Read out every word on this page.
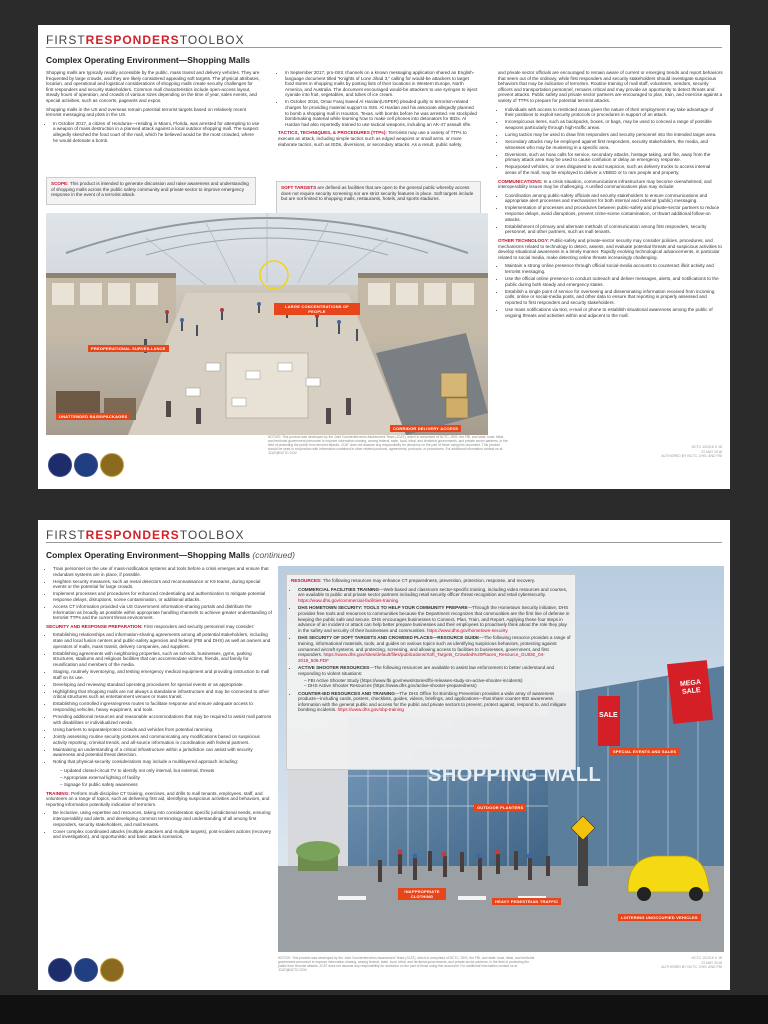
FIRSTRESPONDERSTOOLBOX
Complex Operating Environment—Shopping Malls

Shopping malls are typically readily accessible by the public, mass transit and delivery vehicles. They are frequented by large crowds, and they are likely considered appealing soft targets. The physical attributes, location, and operational and logistical considerations of shopping malls create security challenges for first responders and security stakeholders. Common mall characteristics include open-access layout, steady hours of operation, and crowds of various sizes depending on the time of year, sales events, and special activities, such as concerts, pageants and expos.

Shopping malls in the US and overseas remain potential terrorist targets based on relatively recent terrorist messaging and plots in the US.

• In October 2017, a citizen of Honduras—residing in Miami, Florida, was arrested for attempting to use a weapon of mass destruction in a planned attack against a local outdoor shopping mall. The suspect allegedly sketched the food court of the mall, which he believed would be the most crowded, where he would detonate a bomb.
• In September 2017, pro-ISIS channels on a known messaging application shared an English-language document titled “Knights of Lone Jihad 3,” calling for would-be attackers to target food stores in shopping malls by posting lists of their locations in Western Europe, North America, and Australia. The document encouraged would-be attackers to use syringes to inject cyanide into fruit, vegetables, and tubes of ice cream.
• In October 2016, Omar Faraj Saeed Al Hardan(USPER) pleaded guilty to terrorism-related charges for providing material support to ISIS. Al Hardan and his associate allegedly planned to bomb a shopping mall in Houston, Texas, with bombs before he was arrested. He stockpiled bombmaking material while learning how to make cell phones into detonators for IEDs. Al Hardan had also reportedly trained to use tactical weapons, including an AK-47 assault rifle.

TACTICS, TECHNIQUES, & PROCEDURES (TTPs): Terrorists may use a variety of TTPs to execute an attack, including simple tactics such as edged weapons or small arms, or more elaborate tactics, such as IEDs, diversions, or secondary attacks. As a result, public safety

SCOPE: This product is intended to generate discussion and raise awareness and understanding of shopping malls across the public safety community and private sector to improve emergency response in the event of a terrorist attack.
SOFT TARGETS are defined as facilities that are open to the general public whereby access does not require security screening nor are strict security features in place. Soft targets include but are not limited to shopping malls, restaurants, hotels, and sports stadiums.

and private sector officials are encouraged to remain aware of current or emerging trends and report behaviors that seem out of the ordinary, while first responders and security stakeholders should investigate suspicious behaviors that may be indicative of terrorism. Routine training of mall staff, volunteers, vendors, security officers and transportation personnel, remains critical and may provide an opportunity to detect threats and prevent attacks. Public safety and private sector partners are encouraged to plan, train, and exercise against a variety of TTPs to prepare for potential terrorist attacks.

• Individuals with access to restricted areas given the nature of their employment may take advantage of their positions to exploit security protocols or procedures in support of an attack.
• Inconspicuous items, such as backpacks, boxes, or bags, may be used to conceal a range of possible weapons particularly through high-traffic areas.
• Luring tactics may be used to draw first responders and security personnel into the intended target area.
• Secondary attacks may be employed against first responders, security stakeholders, the media, and witnesses who may be mustering in a specific area.
• Diversions, such as hoax calls for service, secondary attacks, hostage taking, and fire, away from the primary attack area may be used to cause confusion or delay an emergency response.
• Repurposed vehicles, or ones disguised to avoid suspicion, such as delivery trucks to access internal areas of the mall, may be employed to deliver a VBIED or to ram people and property.

COMMUNICATIONS: In a crisis situation, communications infrastructure may become overwhelmed, and interoperability issues may be challenging. A unified communications plan may include:

• Coordination among public-safety officials and security stakeholders to ensure communications and appropriate alert processes and mechanisms for both internal and external (public) messaging.
• Implementation of processes and procedures between public-safety and private-sector partners to reduce response delays, avoid disruptions, prevent crime-scene contamination, or thwart additional follow-on attacks.
• Establishment of primary and alternate methods of communication among first responders, security personnel, and other partners, such as mall tenants.

OTHER TECHNOLOGY: Public-safety and private-sector security may consider policies, procedures, and mechanisms related to technology to detect, assess, and evaluate potential threats and suspicious activities to develop situational awareness in a timely manner. Rapidly evolving technological advancements, in particular related to social media, make detecting online threats increasingly challenging.

• Maintain a strong online presence through official social-media accounts to counteract illicit activity and terrorist messaging.
• Use the official online presence to conduct outreach and deliver messages, alerts, and notifications to the public during both steady and emergency states.
• Establish a single point of service for overseeing and disseminating information received from incoming calls, online or social-media posts, and other data to ensure that reporting is properly assessed and reported to first responders and security stakeholders.
• Use mass notifications via text, e-mail or phone to establish situational awareness among the public of ongoing threats and activities within and adjacent to the mall.
LARGE CONCENTRATIONS OF PEOPLE
PREOPERATIONAL SURVEILLANCE
UNATTENDED BAGS/PACKAGES
CORRIDOR DELIVERY ACCESS
NOTICE: This product was developed by the Joint Counterterrorism Assessment Team (JCAT), which is comprised of NCTC, DHS, the FBI, and state, local, tribal, and territorial government personnel to improve information sharing, among federal, state, local, tribal, and territorial governments, and private sector partners, in the field of protecting the public from terrorist attacks. JCAT does not assume any responsibility for decisions on the part of those using this document. This product should be used in conjunction with information contained in other related products, agreements, protocols, or procedures. For additional information contact us at JCAT@NCTC.GOV.
NCTC 101016 K 18
23 MAY 2018
AUTHORED BY NCTC, DHS, AND FBI
FIRSTRESPONDERSTOOLBOX
Complex Operating Environment—Shopping Malls (continued)
• Train personnel on the use of mass-notification systems and tools before a crisis emerges and ensure that redundant systems are in place, if possible.
• Heighten security measures, such as metal detectors and reconnaissance or K9 teams, during special events or the potential for large crowds.
• Implement processes and procedures for enhanced credentialing and authentication to mitigate potential response delays, disruptions, scene contamination, or additional attacks.
• Access CT information provided via US Government information-sharing portals and distribute the information as broadly as possible within appropriate handling channels to achieve greater understanding of terrorist TTPs and the current threat environment.

SECURITY AND RESPONSE PREPARATION: First responders and security personnel may consider:

• Establishing relationships and information-sharing agreements among all potential stakeholders, including state and local fusion centers and public-safety agencies and federal (FBI and DHS) as well as owners and operators of malls, mass transit, delivery companies, and suppliers.
• Establishing agreements with neighboring properties, such as schools, businesses, gyms, parking structures, stadiums and religious facilities that can accommodate victims, friends, and family for reunification and members of the media.
• Staging, routinely inventorying, and testing emergency medical equipment and providing instruction to mall staff on its use.
• Developing and reviewing standard operating procedures for special events or as appropriate.
• Highlighting that shopping malls are not always a standalone infrastructure and may be connected to other critical structures such as entertainment venues or mass transit.
• Establishing controlled ingress/egress routes to facilitate response and ensure adequate access to responding vehicles, heavy equipment, and tools.
• Providing additional resources and reasonable accommodations that may be required to assist mall patrons with disabilities or individualized needs.
• Using barriers to separate/protect crowds and vehicles from potential ramming.
• Jointly assessing routine security postures and communicating any modifications based on suspicious activity reporting, criminal trends, and all-source information in coordination with federal partners.
• Maintaining an understanding of a critical infrastructure within a jurisdiction can assist with security awareness and potential threat detection.
• Noting that physical-security considerations may include a multilayered approach including:
– Updated closed-circuit TV to identify not only internal, but external, threats
– Appropriate external lighting of facility
– Signage for public safety awareness

TRAINING: Perform multi-discipline CT training, exercises, and drills to mall tenants, employees, staff, and volunteers on a range of topics, such as delivering first aid, identifying suspicious activities and behaviors, and reporting information potentially indicative of terrorism.

• Be inclusive, using expertise and resources, taking into consideration specific jurisdictional needs, ensuring interoperability and alerts, and developing common terminology and understanding of all among first responders, security stakeholders, and mall tenants.
• Cover complex coordinated attacks (multiple attackers and multiple targets), post-incident actions (recovery and investigation), and opportunistic and basic attack scenarios.

RESOURCES: The following resources may enhance CT preparedness, prevention, protection, response, and recovery.

• COMMERCIAL FACILITIES TRAINING—Web-based and classroom sector-specific training, including video resources and courses, are available to public and private sector partners including retail security officer threat recognition and retail cybersecurity. https://www.dhs.gov/commercial-facilities-training
• DHS HOMETOWN SECURITY: TOOLS TO HELP YOUR COMMUNITY PREPARE—Through the Hometown Security initiative, DHS provides free tools and resources to communities because the Department recognizes that communities are the first line of defense in keeping the public safe and secure. DHS encourages businesses to Connect, Plan, Train, and Report. Applying these four steps in advance of an incident or attack can help better prepare businesses and their employees to proactively think about the role they play in the safety and security of their businesses and communities. https://www.dhs.gov/hometown-security
• DHS SECURITY OF SOFT TARGETS AND CROWDED PLACES—RESOURCE GUIDE—The following resource provides a range of training, informational materials, tools, and guides on various topics such as identifying suspicious behaviors, protecting against unmanned aircraft systems, and protecting, screening, and allowing access to facilities to businesses, government, and first responders. https://www.dhs.gov/sites/default/files/publications/Soft_Targets_Crowded%20Places_Resource_GUIDE_04-2019_508.PDF
• ACTIVE SHOOTER RESOURCES—The following resources are available to assist law enforcement to better understand and responding to violent situations:
– FBI Active Shooter Study (https://www.fbi.gov/news/stories/fbi-releases-study-on-active-shooter-incidents)
– DHS Active Shooter Resources (https://www.dhs.gov/active-shooter-preparedness)
• COUNTER-IED RESOURCES AND TRAINING—The DHS Office for Bombing Prevention provides a wide array of awareness products—including cards, posters, checklists, guides, videos, briefings, and applications—that share counter-IED awareness information with the general public and access for the public and private sectors to prevent, protect against, respond to, and mitigate bombing incidents. https://www.dhs.gov/obp-training
SHOPPING MALL
SALE
MEGA SALE
SPECIAL EVENTS AND SALES
OUTDOOR PLANTERS
INAPPROPRIATE CLOTHING
HEAVY PEDESTRIAN TRAFFIC
LOITERING UNOCCUPIED VEHICLES
NOTICE: This product was developed by the Joint Counterterrorism Assessment Team (JCAT), which is comprised of NCTC, DHS, the FBI, and state, local, tribal, and territorial government personnel to improve information sharing, among federal, state, local, tribal, and territorial governments, and private sector partners, in the field of protecting the public from terrorist attacks. JCAT does not assume any responsibility for decisions on the part of those using this document. For additional information contact us at JCAT@NCTC.GOV.
NCTC 101016 K 18
23 MAY 2018
AUTHORED BY NCTC, DHS, AND FBI
